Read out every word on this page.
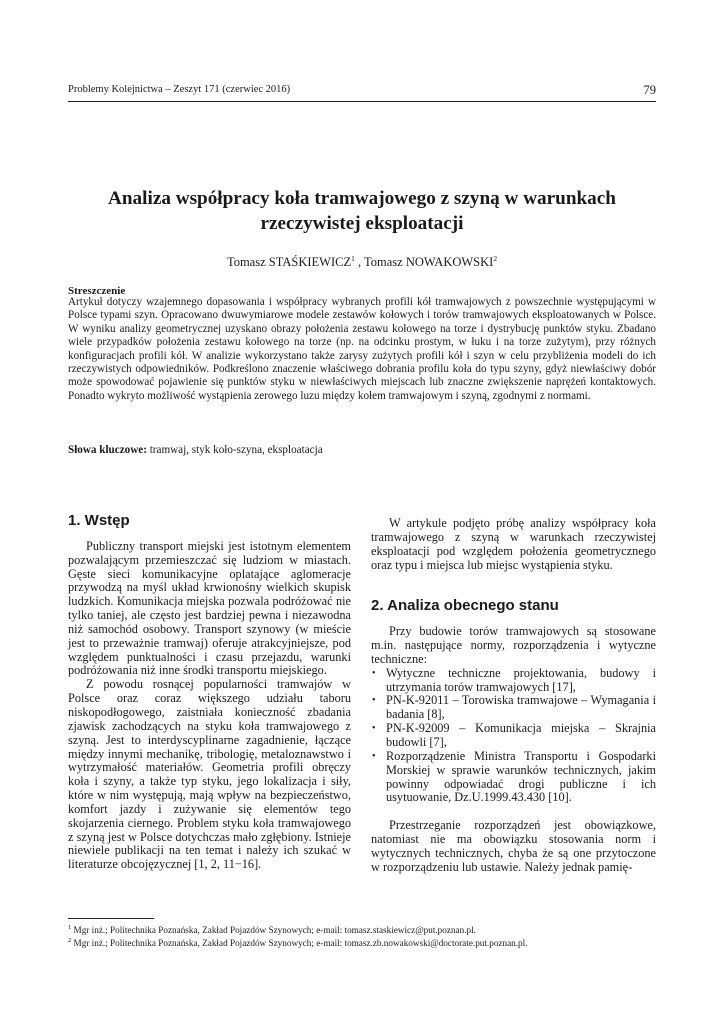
Problemy Kolejnictwa – Zeszyt 171 (czerwiec 2016)	79
Analiza współpracy koła tramwajowego z szyną w warunkach
rzeczywistej eksploatacji
Tomasz STAŚKIEWICZ$^1$ , Tomasz NOWAKOWSKI$^2$
Streszczenie
Artykuł dotyczy wzajemnego dopasowania i współpracy wybranych profili kół tramwajowych z powszechnie występującymi w Polsce typami szyn. Opracowano dwuwymiarowe modele zestawów kołowych i torów tramwajowych eksploatowanych w Polsce. W wyniku analizy geometrycznej uzyskano obrazy położenia zestawu kołowego na torze i dystrybucję punktów styku. Zbadano wiele przypadków położenia zestawu kołowego na torze (np. na odcinku prostym, w łuku i na torze zużytym), przy różnych konfiguracjach profili kół. W analizie wykorzystano także zarysy zużytych profili kół i szyn w celu przybliżenia modeli do ich rzeczywistych odpowiedników. Podkreślono znaczenie właściwego dobrania profilu koła do typu szyny, gdyż niewłaściwy dobór może spowodować pojawienie się punktów styku w niewłaściwych miejscach lub znaczne zwiększenie naprężeń kontaktowych. Ponadto wykryto możliwość wystąpienia zerowego luzu między kołem tramwajowym i szyną, zgodnymi z normami.
Słowa kluczowe: tramwaj, styk koło-szyna, eksploatacja
1. Wstęp

Publiczny transport miejski jest istotnym elementem pozwalającym przemieszczać się ludziom w miastach. Gęste sieci komunikacyjne oplatające aglomeracje przywodzą na myśl układ krwionośny wielkich skupisk ludzkich. Komunikacja miejska pozwala podróżować nie tylko taniej, ale często jest bardziej pewna i niezawodna niż samochód osobowy. Transport szynowy (w mieście jest to przeważnie tramwaj) oferuje atrakcyjniejsze, pod względem punktualności i czasu przejazdu, warunki podróżowania niż inne środki transportu miejskiego.

Z powodu rosnącej popularności tramwajów w Polsce oraz coraz większego udziału taboru niskopodłogowego, zaistniała konieczność zbadania zjawisk zachodzących na styku koła tramwajowego z szyną. Jest to interdyscyplinarne zagadnienie, łączące między innymi mechanikę, tribologię, metaloznawstwo i wytrzymałość materiałów. Geometria profili obręczy koła i szyny, a także typ styku, jego lokalizacja i siły, które w nim występują, mają wpływ na bezpieczeństwo, komfort jazdy i zużywanie się elementów tego skojarzenia ciernego. Problem styku koła tramwajowego z szyną jest w Polsce dotychczas mało zgłębiony. Istnieje niewiele publikacji na ten temat i należy ich szukać w literaturze obcojęzycznej [1, 2, 11−16].

W artykule podjęto próbę analizy współpracy koła tramwajowego z szyną w warunkach rzeczywistej eksploatacji pod względem położenia geometrycznego oraz typu i miejsca lub miejsc wystąpienia styku.

2. Analiza obecnego stanu

Przy budowie torów tramwajowych są stosowane m.in. następujące normy, rozporządzenia i wytyczne techniczne:

• Wytyczne techniczne projektowania, budowy i utrzymania torów tramwajowych [17],
• PN-K-92011 – Torowiska tramwajowe – Wymagania i badania [8],
• PN-K-92009 – Komunikacja miejska – Skrajnia budowli [7],
• Rozporządzenie Ministra Transportu i Gospodarki Morskiej w sprawie warunków technicznych, jakim powinny odpowiadać drogi publiczne i ich usytuowanie, Dz.U.1999.43.430 [10].

Przestrzeganie rozporządzeń jest obowiązkowe, natomiast nie ma obowiązku stosowania norm i wytycznych technicznych, chyba że są one przytoczone w rozporządzeniu lub ustawie. Należy jednak pamię-

$^1$ Mgr inż.; Politechnika Poznańska, Zakład Pojazdów Szynowych; e-mail: tomasz.staskiewicz@put.poznan.pl.
$^2$ Mgr inż.; Politechnika Poznańska, Zakład Pojazdów Szynowych; e-mail: tomasz.zb.nowakowski@doctorate.put.poznan.pl.
